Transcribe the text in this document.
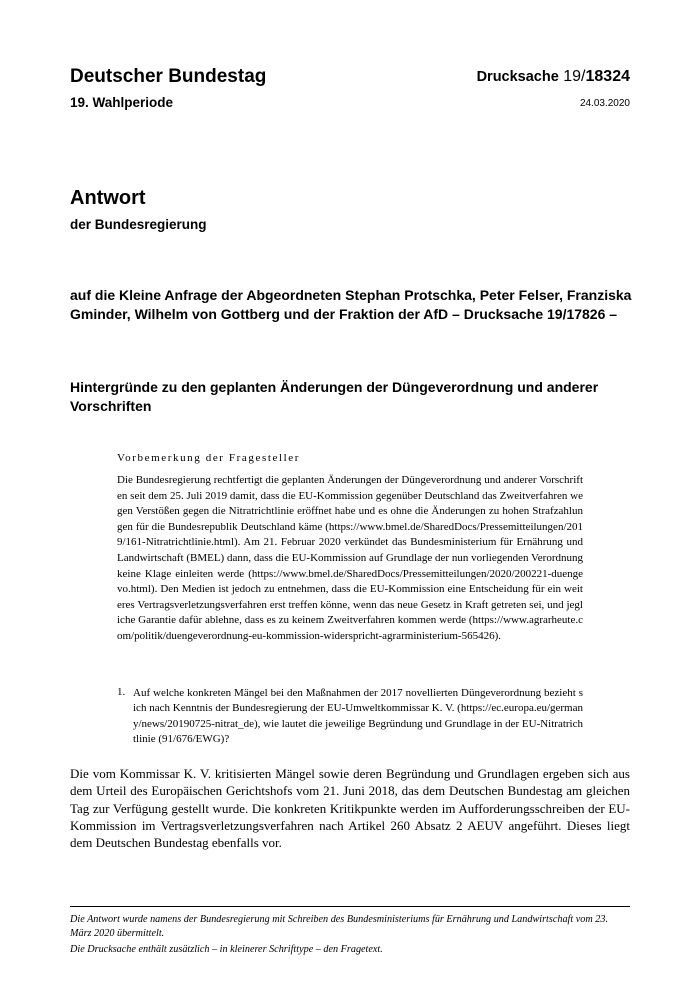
Deutscher Bundestag
19. Wahlperiode
Drucksache 19/18324
24.03.2020
Antwort
der Bundesregierung
auf die Kleine Anfrage der Abgeordneten Stephan Protschka, Peter Felser, Franziska Gminder, Wilhelm von Gottberg und der Fraktion der AfD – Drucksache 19/17826 –
Hintergründe zu den geplanten Änderungen der Düngeverordnung und anderer Vorschriften
Vorbemerkung der Fragesteller
Die Bundesregierung rechtfertigt die geplanten Änderungen der Düngeverordnung und anderer Vorschriften seit dem 25. Juli 2019 damit, dass die EU-Kommission gegenüber Deutschland das Zweitverfahren wegen Verstößen gegen die Nitratrichtlinie eröffnet habe und es ohne die Änderungen zu hohen Strafzahlungen für die Bundesrepublik Deutschland käme (https://www.bmel.de/SharedDocs/Pressemitteilungen/2019/161-Nitratrichtlinie.html). Am 21. Februar 2020 verkündet das Bundesministerium für Ernährung und Landwirtschaft (BMEL) dann, dass die EU-Kommission auf Grundlage der nun vorliegenden Verordnung keine Klage einleiten werde (https://www.bmel.de/SharedDocs/Pressemitteilungen/2020/200221-duengevo.html). Den Medien ist jedoch zu entnehmen, dass die EU-Kommission eine Entscheidung für ein weiteres Vertragsverletzungsverfahren erst treffen könne, wenn das neue Gesetz in Kraft getreten sei, und jegliche Garantie dafür ablehne, dass es zu keinem Zweitverfahren kommen werde (https://www.agrarheute.com/politik/duengeverordnung-eu-kommission-widerspricht-agrarministerium-565426).
1. Auf welche konkreten Mängel bei den Maßnahmen der 2017 novellierten Düngeverordnung bezieht sich nach Kenntnis der Bundesregierung der EU-Umweltkommissar K. V. (https://ec.europa.eu/germany/news/20190725-nitrat_de), wie lautet die jeweilige Begründung und Grundlage in der EU-Nitratrichtlinie (91/676/EWG)?
Die vom Kommissar K. V. kritisierten Mängel sowie deren Begründung und Grundlagen ergeben sich aus dem Urteil des Europäischen Gerichtshofs vom 21. Juni 2018, das dem Deutschen Bundestag am gleichen Tag zur Verfügung gestellt wurde. Die konkreten Kritikpunkte werden im Aufforderungsschreiben der EU-Kommission im Vertragsverletzungsverfahren nach Artikel 260 Absatz 2 AEUV angeführt. Dieses liegt dem Deutschen Bundestag ebenfalls vor.
Die Antwort wurde namens der Bundesregierung mit Schreiben des Bundesministeriums für Ernährung und Landwirtschaft vom 23. März 2020 übermittelt.
Die Drucksache enthält zusätzlich – in kleinerer Schrifttype – den Fragetext.
